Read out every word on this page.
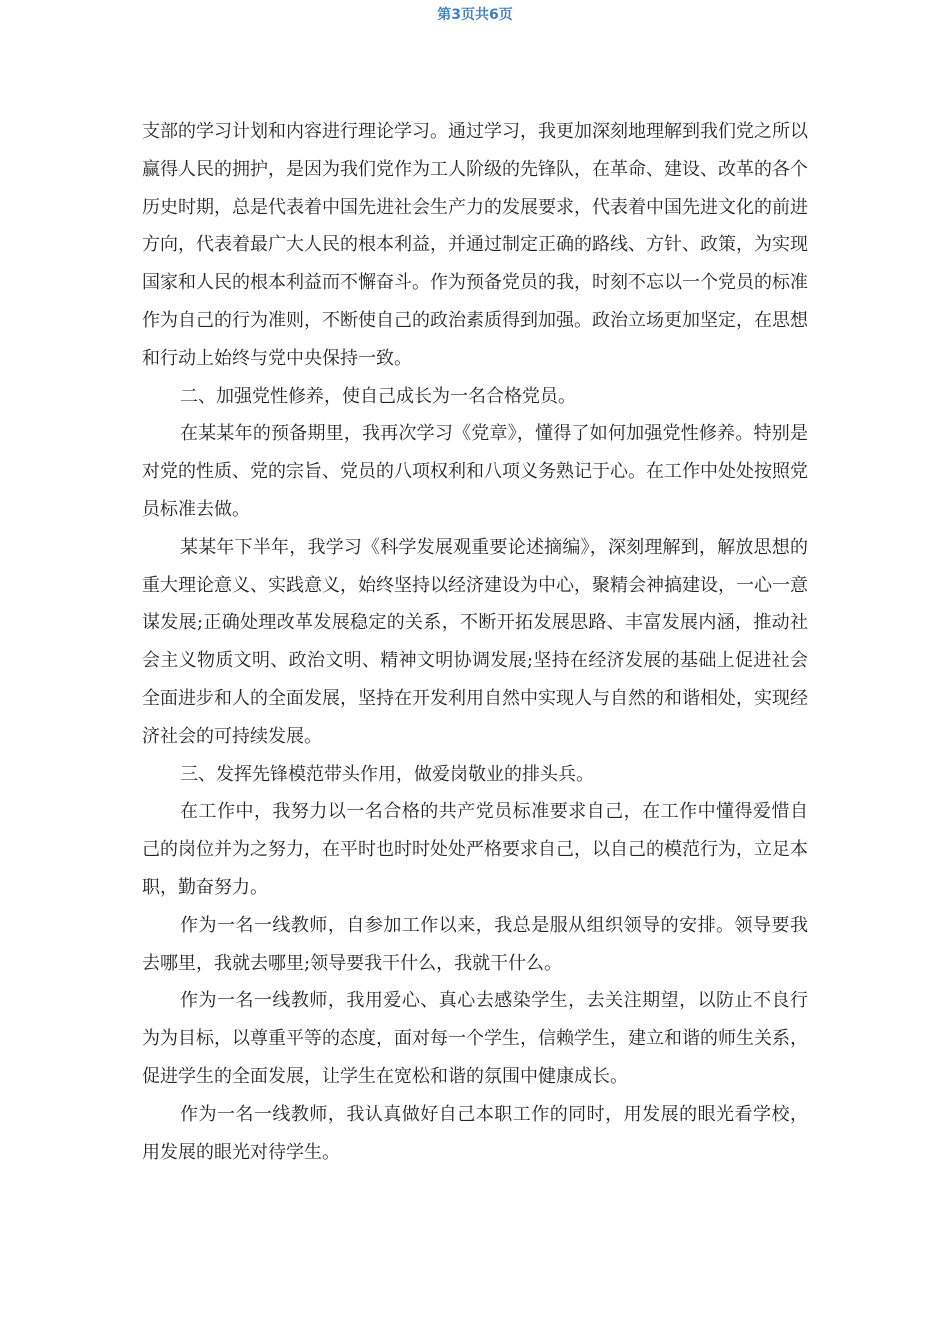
第3页共6页

支部的学习计划和内容进行理论学习。通过学习，我更加深刻地理解到我们党之所以赢得人民的拥护，是因为我们党作为工人阶级的先锋队，在革命、建设、改革的各个历史时期，总是代表着中国先进社会生产力的发展要求，代表着中国先进文化的前进方向，代表着最广大人民的根本利益，并通过制定正确的路线、方针、政策，为实现国家和人民的根本利益而不懈奋斗。作为预备党员的我，时刻不忘以一个党员的标准作为自己的行为准则，不断使自己的政治素质得到加强。政治立场更加坚定，在思想和行动上始终与党中央保持一致。

二、加强党性修养，使自己成长为一名合格党员。

在某某年的预备期里，我再次学习《党章》，懂得了如何加强党性修养。特别是对党的性质、党的宗旨、党员的八项权利和八项义务熟记于心。在工作中处处按照党员标准去做。

某某年下半年，我学习《科学发展观重要论述摘编》，深刻理解到，解放思想的重大理论意义、实践意义，始终坚持以经济建设为中心，聚精会神搞建设，一心一意谋发展;正确处理改革发展稳定的关系，不断开拓发展思路、丰富发展内涵，推动社会主义物质文明、政治文明、精神文明协调发展;坚持在经济发展的基础上促进社会全面进步和人的全面发展，坚持在开发利用自然中实现人与自然的和谐相处，实现经济社会的可持续发展。

三、发挥先锋模范带头作用，做爱岗敬业的排头兵。

在工作中，我努力以一名合格的共产党员标准要求自己，在工作中懂得爱惜自己的岗位并为之努力，在平时也时时处处严格要求自己，以自己的模范行为，立足本职，勤奋努力。

作为一名一线教师，自参加工作以来，我总是服从组织领导的安排。领导要我去哪里，我就去哪里;领导要我干什么，我就干什么。

作为一名一线教师，我用爱心、真心去感染学生，去关注期望，以防止不良行为为目标，以尊重平等的态度，面对每一个学生，信赖学生，建立和谐的师生关系，促进学生的全面发展，让学生在宽松和谐的氛围中健康成长。

作为一名一线教师，我认真做好自己本职工作的同时，用发展的眼光看学校，用发展的眼光对待学生。
